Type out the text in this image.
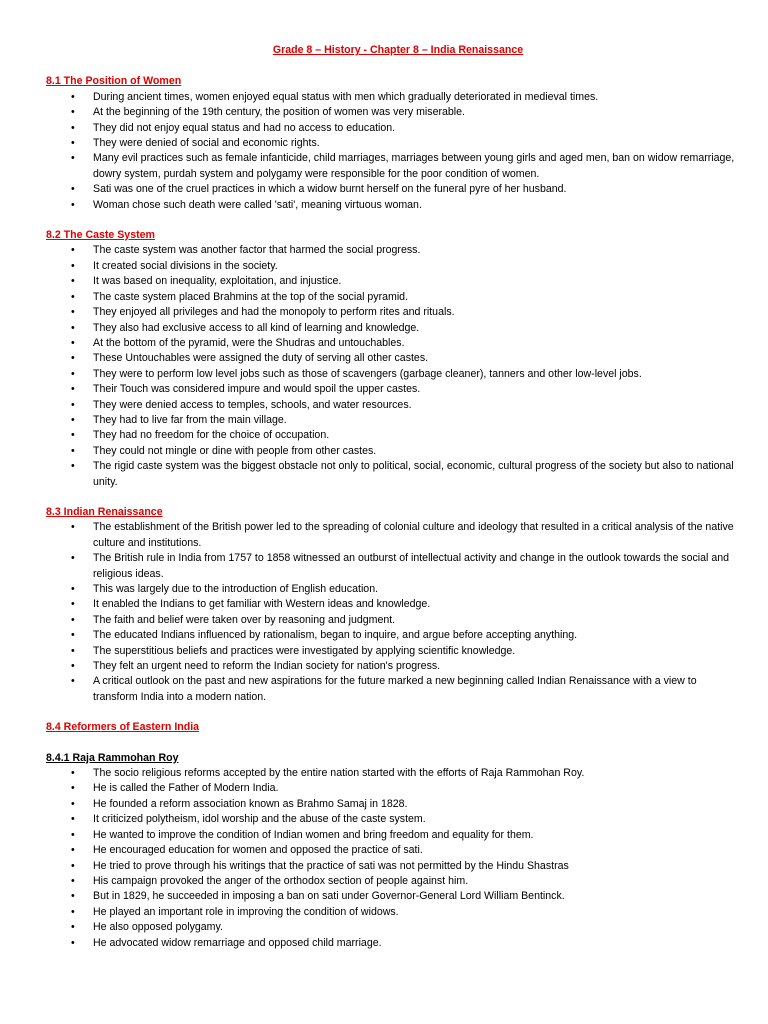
Grade 8 – History - Chapter 8 – India Renaissance
8.1 The Position of Women
• During ancient times, women enjoyed equal status with men which gradually deteriorated in medieval times.
• At the beginning of the 19th century, the position of women was very miserable.
• They did not enjoy equal status and had no access to education.
• They were denied of social and economic rights.
• Many evil practices such as female infanticide, child marriages, marriages between young girls and aged men, ban on widow remarriage, dowry system, purdah system and polygamy were responsible for the poor condition of women.
• Sati was one of the cruel practices in which a widow burnt herself on the funeral pyre of her husband.
• Woman chose such death were called 'sati', meaning virtuous woman.
8.2 The Caste System
• The caste system was another factor that harmed the social progress.
• It created social divisions in the society.
• It was based on inequality, exploitation, and injustice.
• The caste system placed Brahmins at the top of the social pyramid.
• They enjoyed all privileges and had the monopoly to perform rites and rituals.
• They also had exclusive access to all kind of learning and knowledge.
• At the bottom of the pyramid, were the Shudras and untouchables.
• These Untouchables were assigned the duty of serving all other castes.
• They were to perform low level jobs such as those of scavengers (garbage cleaner), tanners and other low-level jobs.
• Their Touch was considered impure and would spoil the upper castes.
• They were denied access to temples, schools, and water resources.
• They had to live far from the main village.
• They had no freedom for the choice of occupation.
• They could not mingle or dine with people from other castes.
• The rigid caste system was the biggest obstacle not only to political, social, economic, cultural progress of the society but also to national unity.
8.3 Indian Renaissance
• The establishment of the British power led to the spreading of colonial culture and ideology that resulted in a critical analysis of the native culture and institutions.
• The British rule in India from 1757 to 1858 witnessed an outburst of intellectual activity and change in the outlook towards the social and religious ideas.
• This was largely due to the introduction of English education.
• It enabled the Indians to get familiar with Western ideas and knowledge.
• The faith and belief were taken over by reasoning and judgment.
• The educated Indians influenced by rationalism, began to inquire, and argue before accepting anything.
• The superstitious beliefs and practices were investigated by applying scientific knowledge.
• They felt an urgent need to reform the Indian society for nation's progress.
• A critical outlook on the past and new aspirations for the future marked a new beginning called Indian Renaissance with a view to transform India into a modern nation.
8.4 Reformers of Eastern India
8.4.1 Raja Rammohan Roy
• The socio religious reforms accepted by the entire nation started with the efforts of Raja Rammohan Roy.
• He is called the Father of Modern India.
• He founded a reform association known as Brahmo Samaj in 1828.
• It criticized polytheism, idol worship and the abuse of the caste system.
• He wanted to improve the condition of Indian women and bring freedom and equality for them.
• He encouraged education for women and opposed the practice of sati.
• He tried to prove through his writings that the practice of sati was not permitted by the Hindu Shastras
• His campaign provoked the anger of the orthodox section of people against him.
• But in 1829, he succeeded in imposing a ban on sati under Governor-General Lord William Bentinck.
• He played an important role in improving the condition of widows.
• He also opposed polygamy.
• He advocated widow remarriage and opposed child marriage.
